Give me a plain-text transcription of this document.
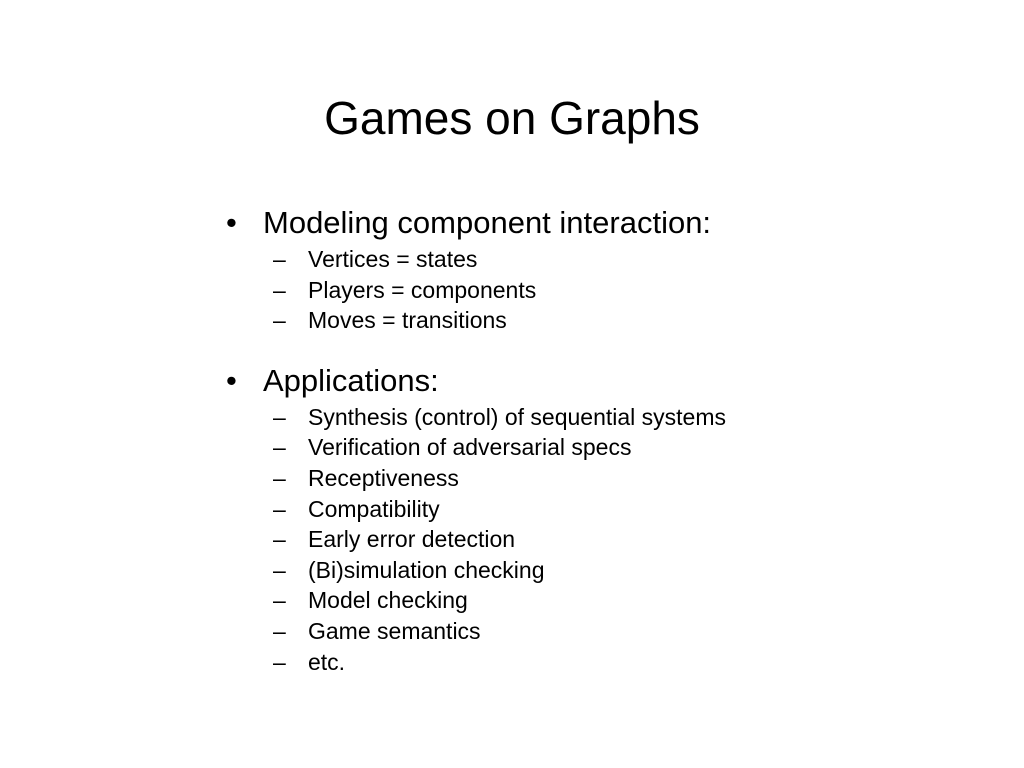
Games on Graphs
• Modeling component interaction:
– Vertices = states
– Players = components
– Moves = transitions
• Applications:
– Synthesis (control) of sequential systems
– Verification of adversarial specs
– Receptiveness
– Compatibility
– Early error detection
– (Bi)simulation checking
– Model checking
– Game semantics
– etc.
